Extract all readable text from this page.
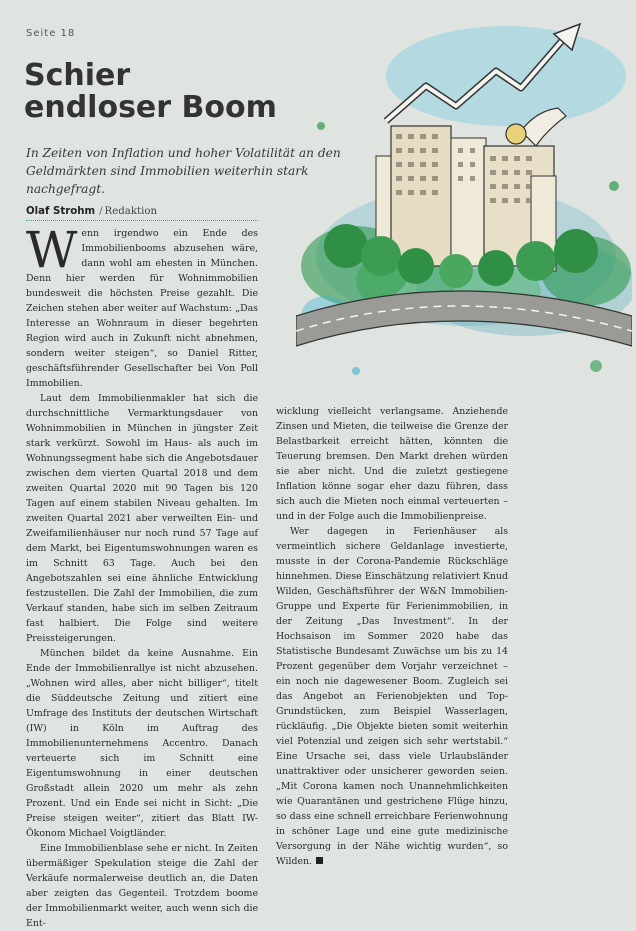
Seite 18
Schier
endloser Boom

In Zeiten von Inflation und hoher Volatilität an den Geldmärkten sind Immobilien weiterhin stark nachgefragt.

Olaf Strohm / Redaktion

Wenn irgendwo ein Ende des Immobilienbooms abzusehen wäre, dann wohl am ehesten in München. Denn hier werden für Wohnimmobilien bundesweit die höchsten Preise gezahlt. Die Zeichen stehen aber weiter auf Wachstum: „Das Interesse an Wohnraum in dieser begehrten Region wird auch in Zukunft nicht abnehmen, sondern weiter steigen“, so Daniel Ritter, geschäftsführender Gesellschafter bei Von Poll Immobilien.

Laut dem Immobilienmakler hat sich die durchschnittliche Vermarktungsdauer von Wohnimmobilien in München in jüngster Zeit stark verkürzt. Sowohl im Haus- als auch im Wohnungssegment habe sich die Angebotsdauer zwischen dem vierten Quartal 2018 und dem zweiten Quartal 2020 mit 90 Tagen bis 120 Tagen auf einem stabilen Niveau gehalten. Im zweiten Quartal 2021 aber verweilten Ein- und Zweifamilienhäuser nur noch rund 57 Tage auf dem Markt, bei Eigentumswohnungen waren es im Schnitt 63 Tage. Auch bei den Angebotszahlen sei eine ähnliche Entwicklung festzustellen. Die Zahl der Immobilien, die zum Verkauf standen, habe sich im selben Zeitraum fast halbiert. Die Folge sind weitere Preissteigerungen.

München bildet da keine Ausnahme. Ein Ende der Immobilienrallye ist nicht abzusehen. „Wohnen wird alles, aber nicht billiger“, titelt die Süddeutsche Zeitung und zitiert eine Umfrage des Instituts der deutschen Wirtschaft (IW) in Köln im Auftrag des Immobilienunternehmens Accentro. Danach verteuerte sich im Schnitt eine Eigentumswohnung in einer deutschen Großstadt allein 2020 um mehr als zehn Prozent. Und ein Ende sei nicht in Sicht: „Die Preise steigen weiter“, zitiert das Blatt IW-Ökonom Michael Voigtländer.

Eine Immobilienblase sehe er nicht. In Zeiten übermäßiger Spekulation steige die Zahl der Verkäufe normalerweise deutlich an, die Daten aber zeigten das Gegenteil. Trotzdem boome der Immobilienmarkt weiter, auch wenn sich die Ent-

wicklung vielleicht verlangsame. Anziehende Zinsen und Mieten, die teilweise die Grenze der Belastbarkeit erreicht hätten, könnten die Teuerung bremsen. Den Markt drehen würden sie aber nicht. Und die zuletzt gestiegene Inflation könne sogar eher dazu führen, dass sich auch die Mieten noch einmal verteuerten – und in der Folge auch die Immobilienpreise.

Wer dagegen in Ferienhäuser als vermeintlich sichere Geldanlage investierte, musste in der Corona-Pandemie Rückschläge hinnehmen. Diese Einschätzung relativiert Knud Wilden, Geschäftsführer der W&N Immobilien-Gruppe und Experte für Ferienimmobilien, in der Zeitung „Das Investment“. In der Hochsaison im Sommer 2020 habe das Statistische Bundesamt Zuwächse um bis zu 14 Prozent gegenüber dem Vorjahr verzeichnet – ein noch nie dagewesener Boom. Zugleich sei das Angebot an Ferienobjekten und Top-Grundstücken, zum Beispiel Wasserlagen, rückläufig. „Die Objekte bieten somit weiterhin viel Potenzial und zeigen sich sehr wertstabil.“ Eine Ursache sei, dass viele Urlaubsländer unattraktiver oder unsicherer geworden seien. „Mit Corona kamen noch Unannehmlichkeiten wie Quarantänen und gestrichene Flüge hinzu, so dass eine schnell erreichbare Ferienwohnung in schöner Lage und eine gute medizinische Versorgung in der Nähe wichtig wurden“, so Wilden.
